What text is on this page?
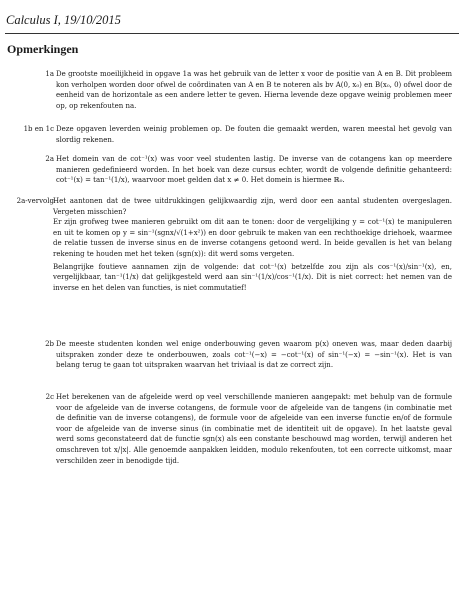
Calculus I, 19/10/2015
Opmerkingen
1a De grootste moeilijkheid in opgave 1a was het gebruik van de letter x voor de positie van A en B. Dit probleem kon verholpen worden door ofwel de coördinaten van A en B te noteren als bv A(0, x₀) en B(x₀, 0) ofwel door de eenheid van de horizontale as een andere letter te geven. Hierna levende deze opgave weinig problemen meer op, op rekenfouten na.

1b en 1c Deze opgaven leverden weinig problemen op. De fouten die gemaakt werden, waren meestal het gevolg van slordig rekenen.

2a Het domein van de cot⁻¹(x) was voor veel studenten lastig. De inverse van de cotangens kan op meerdere manieren gedefinieerd worden. In het boek van deze cursus echter, wordt de volgende definitie gehanteerd: cot⁻¹(x) = tan⁻¹(1/x), waarvoor moet gelden dat x ≠ 0. Het domein is hiermee ℝ₀.

2a-vervolg Het aantonen dat de twee uitdrukkingen gelijkwaardig zijn, werd door een aantal studenten overgeslagen. Vergeten misschien?

Er zijn grofweg twee manieren gebruikt om dit aan te tonen: door de vergelijking y = cot⁻¹(x) te manipuleren en uit te komen op y = sin⁻¹(sgnx/√(1+x²)) en door gebruik te maken van een rechthoekige driehoek, waarmee de relatie tussen de inverse sinus en de inverse cotangens getoond werd. In beide gevallen is het van belang rekening te houden met het teken (sgn(x)): dit werd soms vergeten.

Belangrijke foutieve aannamen zijn de volgende: dat cot⁻¹(x) betzelfde zou zijn als cos⁻¹(x)/sin⁻¹(x), en, vergelijkbaar, tan⁻¹(1/x) dat gelijkgesteld werd aan sin⁻¹(1/x)/cos⁻¹(1/x). Dit is niet correct: het nemen van de inverse en het delen van functies, is niet commutatief!

2b De meeste studenten konden wel enige onderbouwing geven waarom p(x) oneven was, maar deden daarbij uitspraken zonder deze te onderbouwen, zoals cot⁻¹(−x) = −cot⁻¹(x) of sin⁻¹(−x) = −sin⁻¹(x). Het is van belang terug te gaan tot uitspraken waarvan het triviaal is dat ze correct zijn.

2c Het berekenen van de afgeleide werd op veel verschillende manieren aangepakt: met behulp van de formule voor de afgeleide van de inverse cotangens, de formule voor de afgeleide van de tangens (in combinatie met de definitie van de inverse cotangens), de formule voor de afgeleide van een inverse functie en/of de formule voor de afgeleide van de inverse sinus (in combinatie met de identiteit uit de opgave). In het laatste geval werd soms geconstateerd dat de functie sgn(x) als een constante beschouwd mag worden, terwijl anderen het omschreven tot x/|x|. Alle genoemde aanpakken leidden, modulo rekenfouten, tot een correcte uitkomst, maar verschilden zeer in benodigde tijd.
